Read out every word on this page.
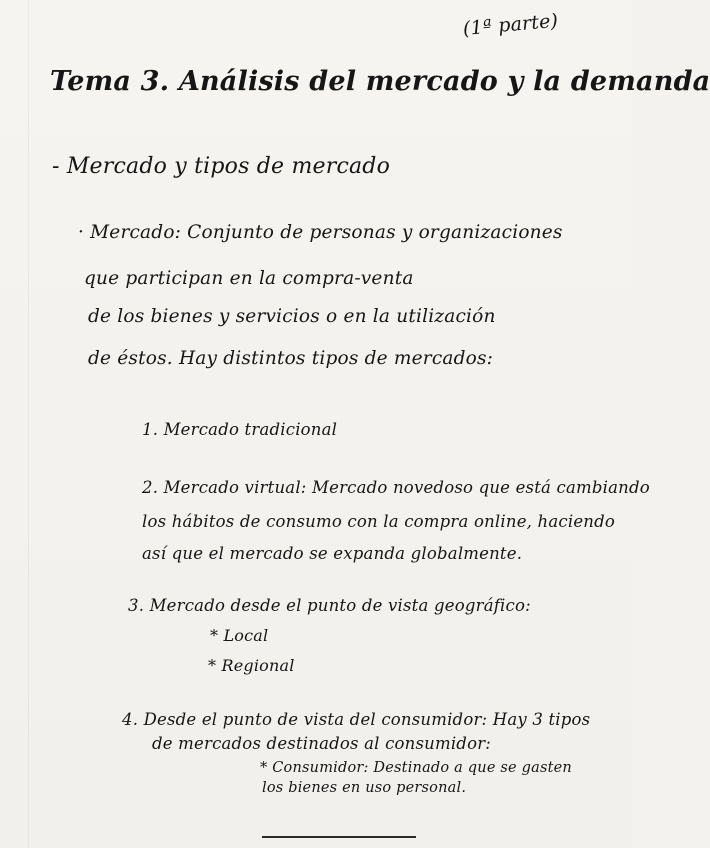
(1ª parte)
Tema 3. Análisis del mercado y la demanda
- Mercado y tipos de mercado
· Mercado: Conjunto de personas y organizaciones
que participan en la compra-venta
de los bienes y servicios o en la utilización
de éstos. Hay distintos tipos de mercados:
1. Mercado tradicional
2. Mercado virtual: Mercado novedoso que está cambiando
los hábitos de consumo con la compra online, haciendo
así que el mercado se expanda globalmente.
3. Mercado desde el punto de vista geográfico:
* Local
* Regional
4. Desde el punto de vista del consumidor: Hay 3 tipos
de mercados destinados al consumidor:
* Consumidor: Destinado a que se gasten
los bienes en uso personal.
